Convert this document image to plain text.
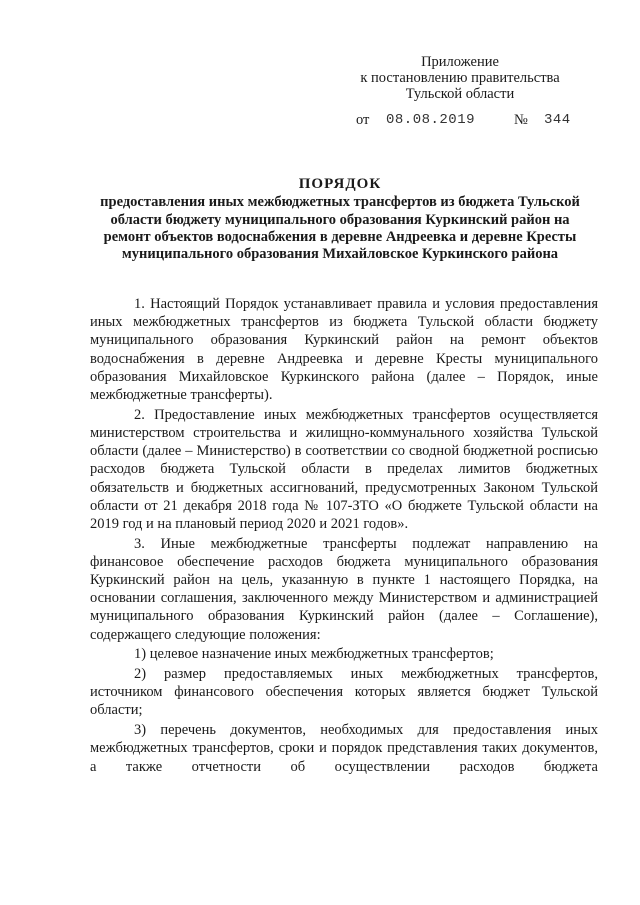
Приложение
к постановлению правительства
Тульской области
от 08.08.2019	№ 344
ПОРЯДОК
предоставления иных межбюджетных трансфертов из бюджета Тульской области бюджету муниципального образования Куркинский район на ремонт объектов водоснабжения в деревне Андреевка и деревне Кресты муниципального образования Михайловское Куркинского района

1. Настоящий Порядок устанавливает правила и условия предоставления иных межбюджетных трансфертов из бюджета Тульской области бюджету муниципального образования Куркинский район на ремонт объектов водоснабжения в деревне Андреевка и деревне Кресты муниципального образования Михайловское Куркинского района (далее – Порядок, иные межбюджетные трансферты).

2. Предоставление иных межбюджетных трансфертов осуществляется министерством строительства и жилищно-коммунального хозяйства Тульской области (далее – Министерство) в соответствии со сводной бюджетной росписью расходов бюджета Тульской области в пределах лимитов бюджетных обязательств и бюджетных ассигнований, предусмотренных Законом Тульской области от 21 декабря 2018 года № 107-ЗТО «О бюджете Тульской области на 2019 год и на плановый период 2020 и 2021 годов».

3. Иные межбюджетные трансферты подлежат направлению на финансовое обеспечение расходов бюджета муниципального образования Куркинский район на цель, указанную в пункте 1 настоящего Порядка, на основании соглашения, заключенного между Министерством и администрацией муниципального образования Куркинский район (далее – Соглашение), содержащего следующие положения:

1) целевое назначение иных межбюджетных трансфертов;

2) размер предоставляемых иных межбюджетных трансфертов, источником финансового обеспечения которых является бюджет Тульской области;

3) перечень документов, необходимых для предоставления иных межбюджетных трансфертов, сроки и порядок представления таких документов, а также отчетности об осуществлении расходов бюджета
